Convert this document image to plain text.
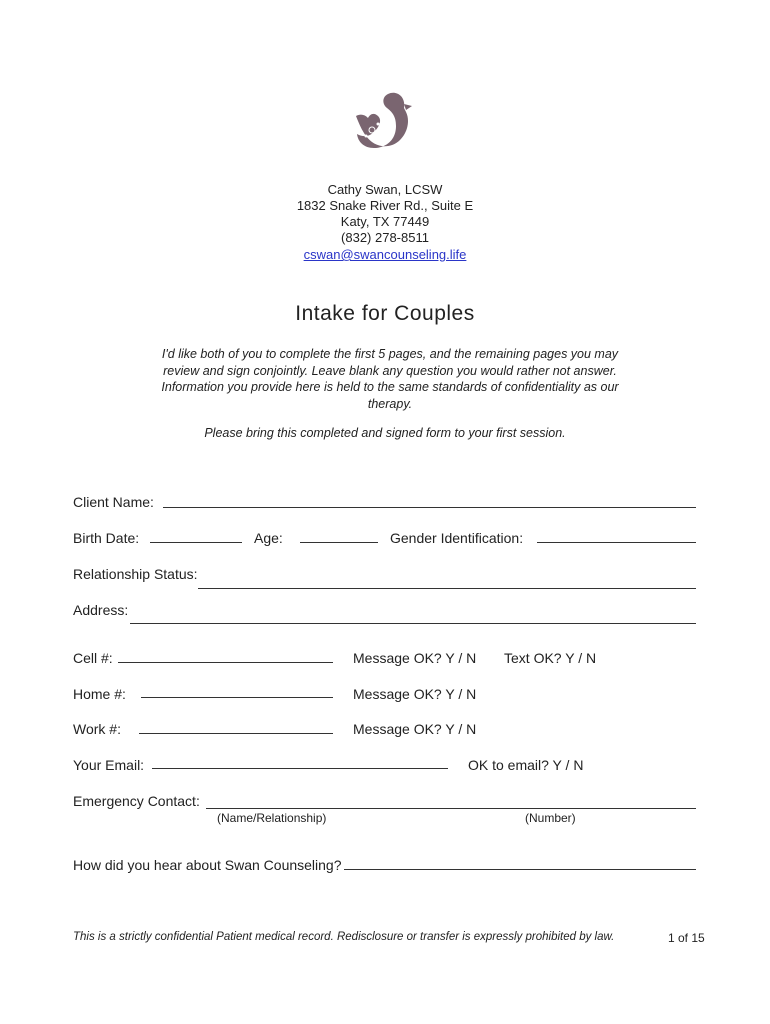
Cathy Swan, LCSW
1832 Snake River Rd., Suite E
Katy, TX 77449
(832) 278-8511
cswan@swancounseling.life
Intake for Couples
I'd like both of you to complete the first 5 pages, and the remaining pages you may review and sign conjointly. Leave blank any question you would rather not answer. Information you provide here is held to the same standards of confidentiality as our therapy.
Please bring this completed and signed form to your first session.
Client Name:
Birth Date:	Age:	Gender Identification:
Relationship Status:
Address:
Cell #:	Message OK? Y / N Text OK? Y / N
Home #:	Message OK? Y / N
Work #:	Message OK? Y / N
Your Email:	OK to email? Y / N
Emergency Contact:
(Name/Relationship)	(Number)
How did you hear about Swan Counseling?
This is a strictly confidential Patient medical record. Redisclosure or transfer is expressly prohibited by law.	1 of 15
